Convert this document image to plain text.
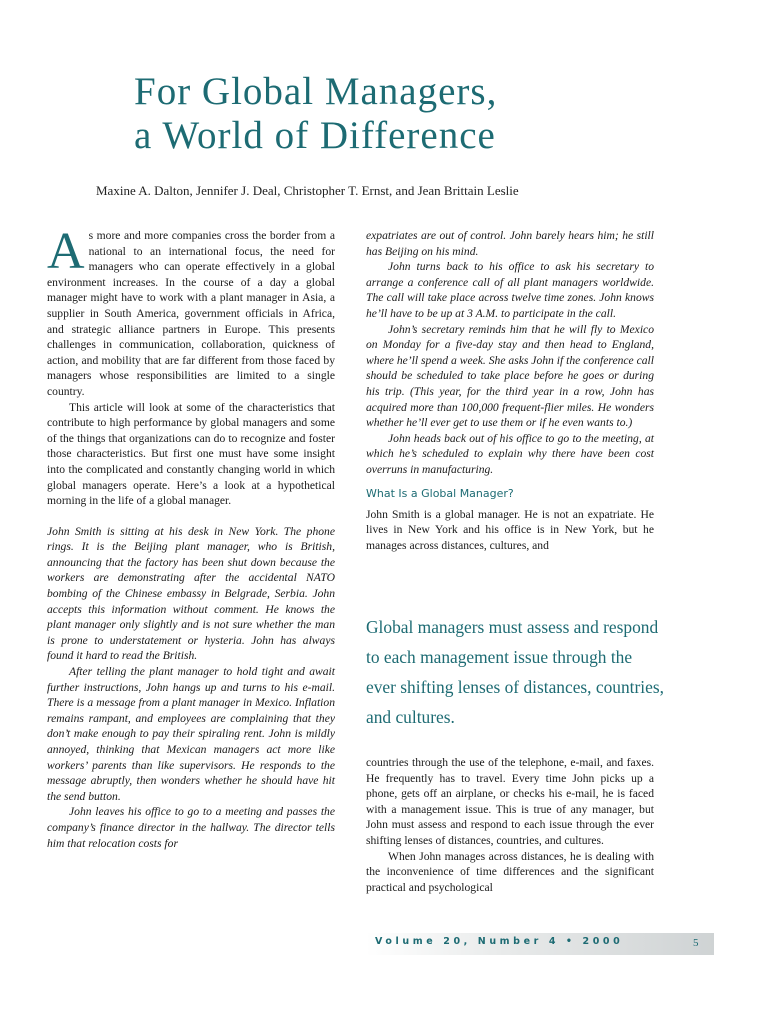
For Global Managers,
a World of Difference
Maxine A. Dalton, Jennifer J. Deal, Christopher T. Ernst, and Jean Brittain Leslie

As more and more companies cross the border from a national to an international focus, the need for managers who can operate effectively in a global environment increases. In the course of a day a global manager might have to work with a plant manager in Asia, a supplier in South America, government officials in Africa, and strategic alliance partners in Europe. This presents challenges in communication, collaboration, quickness of action, and mobility that are far different from those faced by managers whose responsibilities are limited to a single country.

This article will look at some of the characteristics that contribute to high performance by global managers and some of the things that organizations can do to recognize and foster those characteristics. But first one must have some insight into the complicated and constantly changing world in which global managers operate. Here’s a look at a hypothetical morning in the life of a global manager.

John Smith is sitting at his desk in New York. The phone rings. It is the Beijing plant manager, who is British, announcing that the factory has been shut down because the workers are demonstrating after the accidental NATO bombing of the Chinese embassy in Belgrade, Serbia. John accepts this information without comment. He knows the plant manager only slightly and is not sure whether the man is prone to understatement or hysteria. John has always found it hard to read the British.

After telling the plant manager to hold tight and await further instructions, John hangs up and turns to his e-mail. There is a message from a plant manager in Mexico. Inflation remains rampant, and employees are complaining that they don’t make enough to pay their spiraling rent. John is mildly annoyed, thinking that Mexican managers act more like workers’ parents than like supervisors. He responds to the message abruptly, then wonders whether he should have hit the send button.

John leaves his office to go to a meeting and passes the company’s finance director in the hallway. The director tells him that relocation costs for

expatriates are out of control. John barely hears him; he still has Beijing on his mind.

John turns back to his office to ask his secretary to arrange a conference call of all plant managers worldwide. The call will take place across twelve time zones. John knows he’ll have to be up at 3 A.M. to participate in the call.

John’s secretary reminds him that he will fly to Mexico on Monday for a five-day stay and then head to England, where he’ll spend a week. She asks John if the conference call should be scheduled to take place before he goes or during his trip. (This year, for the third year in a row, John has acquired more than 100,000 frequent-flier miles. He wonders whether he’ll ever get to use them or if he even wants to.)

John heads back out of his office to go to the meeting, at which he’s scheduled to explain why there have been cost overruns in manufacturing.

What Is a Global Manager?

John Smith is a global manager. He is not an expatriate. He lives in New York and his office is in New York, but he manages across distances, cultures, and

Global managers must assess and respond to each management issue through the ever shifting lenses of distances, countries, and cultures.

countries through the use of the telephone, e-mail, and faxes. He frequently has to travel. Every time John picks up a phone, gets off an airplane, or checks his e-mail, he is faced with a management issue. This is true of any manager, but John must assess and respond to each issue through the ever shifting lenses of distances, countries, and cultures.

When John manages across distances, he is dealing with the inconvenience of time differences and the significant practical and psychological

Volume 20, Number 4 • 2000	5
